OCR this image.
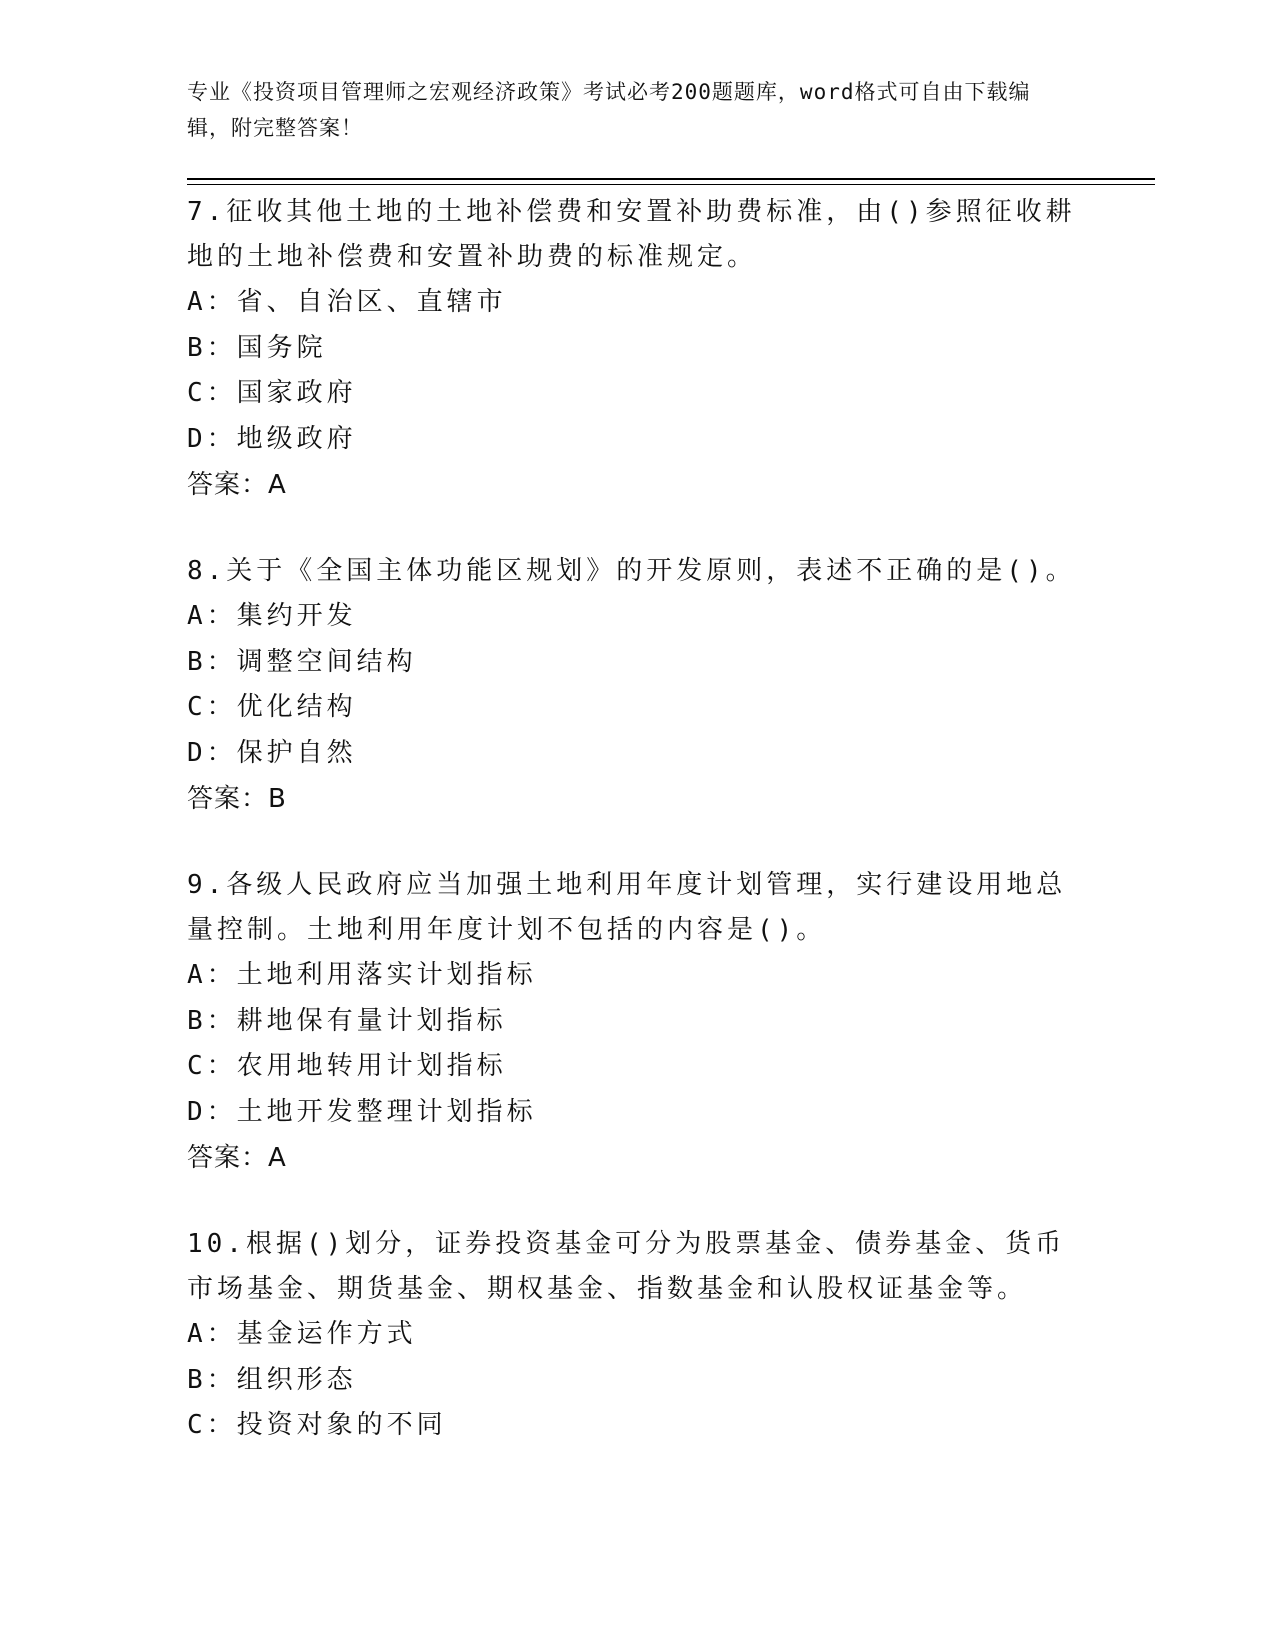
专业《投资项目管理师之宏观经济政策》考试必考200题题库，word格式可自由下载编辑，附完整答案！
7.征收其他土地的土地补偿费和安置补助费标准，由()参照征收耕地的土地补偿费和安置补助费的标准规定。
A：省、自治区、直辖市
B：国务院
C：国家政府
D：地级政府
答案：A
8.关于《全国主体功能区规划》的开发原则，表述不正确的是()。
A：集约开发
B：调整空间结构
C：优化结构
D：保护自然
答案：B
9.各级人民政府应当加强土地利用年度计划管理，实行建设用地总量控制。土地利用年度计划不包括的内容是()。
A：土地利用落实计划指标
B：耕地保有量计划指标
C：农用地转用计划指标
D：土地开发整理计划指标
答案：A
10.根据()划分，证券投资基金可分为股票基金、债券基金、货币市场基金、期货基金、期权基金、指数基金和认股权证基金等。
A：基金运作方式
B：组织形态
C：投资对象的不同
